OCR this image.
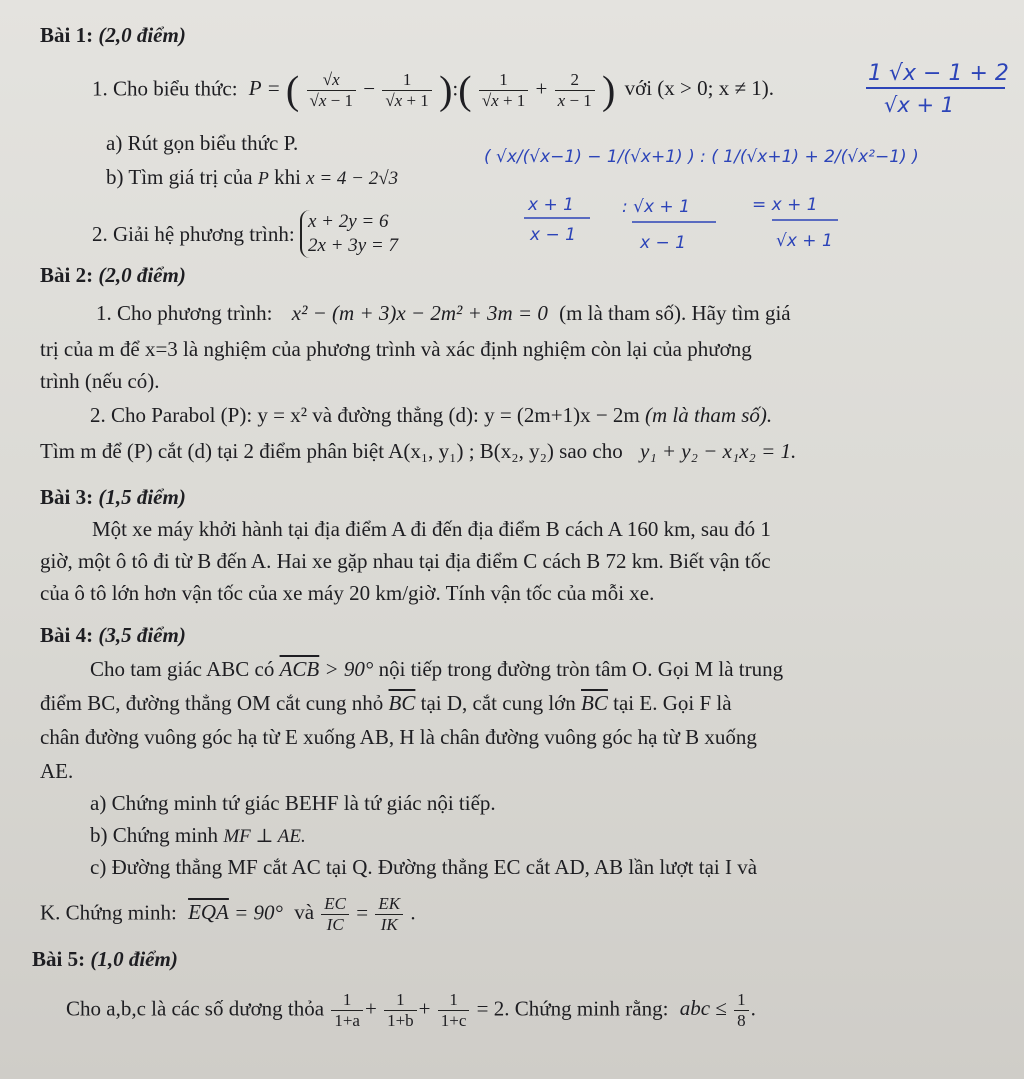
Bài 1: (2,0 điểm)
1. Cho biểu thức: P = ( $\frac{√x}{√x - 1} - \frac{1}{√x + 1}$ ):( $\frac{1}{√x + 1} + \frac{2}{x - 1}$ ) với (x > 0; x ≠ 1).
a) Rút gọn biểu thức P.
b) Tìm giá trị của P khi x = 4 − 2√3
2. Giải hệ phương trình:
x + 2y = 6
2x + 3y = 7
Bài 2: (2,0 điểm)
1. Cho phương trình: x² − (m + 3)x − 2m² + 3m = 0 (m là tham số). Hãy tìm giá
trị của m để x=3 là nghiệm của phương trình và xác định nghiệm còn lại của phương
trình (nếu có).
2. Cho Parabol (P): y = x² và đường thẳng (d): y = (2m+1)x − 2m (m là tham số).
Tìm m để (P) cắt (d) tại 2 điểm phân biệt A(x₁, y₁) ; B(x₂, y₂) sao cho y₁ + y₂ − x₁x₂ = 1.
Bài 3: (1,5 điểm)
Một xe máy khởi hành tại địa điểm A đi đến địa điểm B cách A 160 km, sau đó 1
giờ, một ô tô đi từ B đến A. Hai xe gặp nhau tại địa điểm C cách B 72 km. Biết vận tốc
của ô tô lớn hơn vận tốc của xe máy 20 km/giờ. Tính vận tốc của mỗi xe.
Bài 4: (3,5 điểm)
Cho tam giác ABC có $\overline{ACB} > 90^\circ$ nội tiếp trong đường tròn tâm O. Gọi M là trung
điểm BC, đường thẳng OM cắt cung nhỏ $\overline{BC}$ tại D, cắt cung lớn $\overline{BC}$ tại E. Gọi F là
chân đường vuông góc hạ từ E xuống AB, H là chân đường vuông góc hạ từ B xuống
AE.
a) Chứng minh tứ giác BEHF là tứ giác nội tiếp.
b) Chứng minh MF ⊥ AE.
c) Đường thẳng MF cắt AC tại Q. Đường thẳng EC cắt AD, AB lần lượt tại I và
K. Chứng minh: $\overline{EQA} = 90^\circ$ và $\frac{EC}{IC} = \frac{EK}{IK}$ .
Bài 5: (1,0 điểm)
Cho a,b,c là các số dương thỏa $\frac{1}{1+a} + \frac{1}{1+b} + \frac{1}{1+c} = 2$. Chứng minh rằng: abc ≤ $\frac{1}{8}$ .
1 √x − 1 + 2
√x + 1
( √x/(√x−1) − 1/(√x+1) ) : ( 1/(√x+1) + 2/(√x²−1) )
x + 1
x − 1
: √x + 1
x − 1
= x + 1
√x + 1
